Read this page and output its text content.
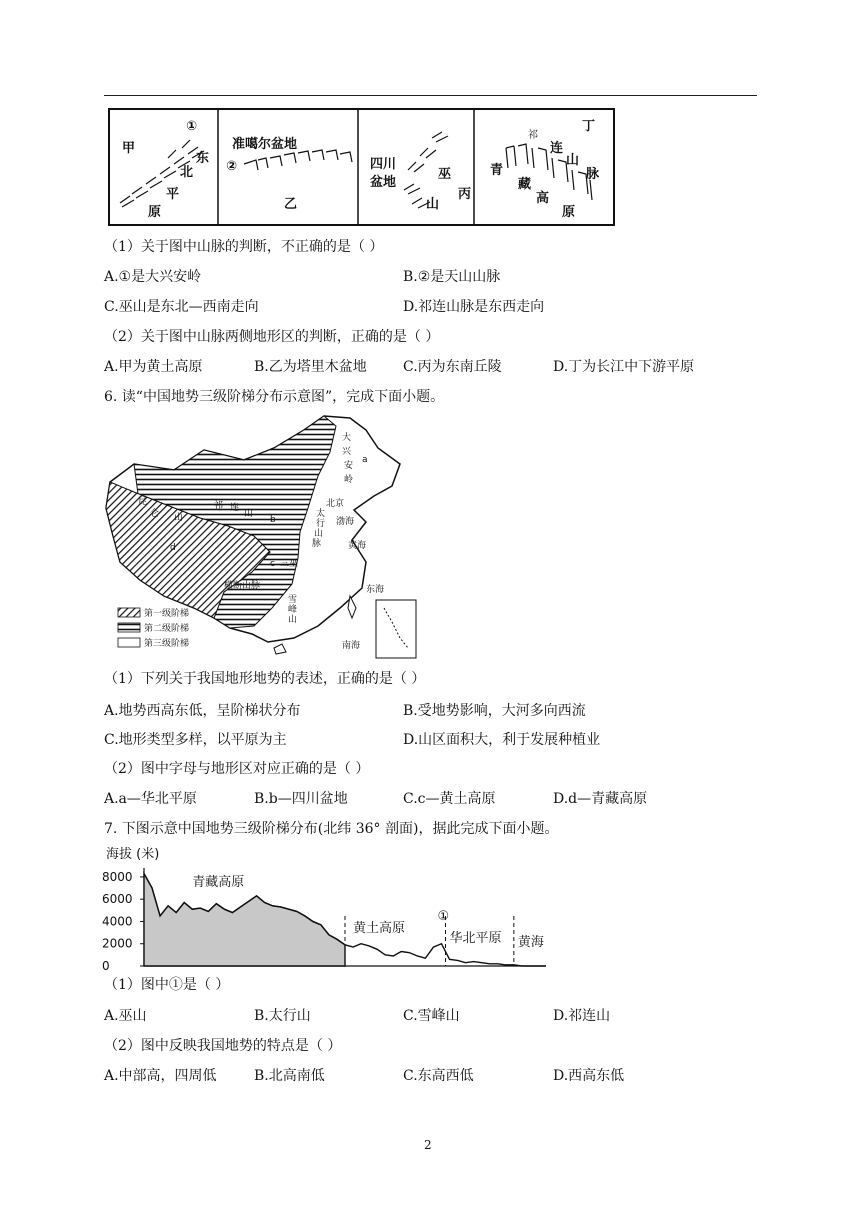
甲
①
东
北
平
原
准噶尔盆地
②
乙
四川
盆地
巫
山
丙
丁
祁
连
山
脉
青
藏
高
原
（1）关于图中山脉的判断，不正确的是（ ）
A.①是大兴安岭	B.②是天山山脉
C.巫山是东北—西南走向	D.祁连山脉是东西走向
（2）关于图中山脉两侧地形区的判断，正确的是（ ）
A.甲为黄土高原	B.乙为塔里木盆地	C.丙为东南丘陵	D.丁为长江中下游平原
6. 读“中国地势三级阶梯分布示意图”，完成下面小题。
大
兴
安
岭
a
北京
太
行
山
脉
渤海
黄海
东海
南海
昆
仑 山
祁 连
山
b
c
d
三巫
横断山脉
雪
峰
山
第一级阶梯
第二级阶梯
第三级阶梯
（1）下列关于我国地形地势的表述，正确的是（ ）
A.地势西高东低，呈阶梯状分布	B.受地势影响，大河多向西流
C.地形类型多样，以平原为主	D.山区面积大，利于发展种植业
（2）图中字母与地形区对应正确的是（ ）
A.a—华北平原	B.b—四川盆地	C.c—黄土高原	D.d—青藏高原
7. 下图示意中国地势三级阶梯分布(北纬 36° 剖面)，据此完成下面小题。
海拔 (米)
0
2000
4000
6000
8000	青藏高原
黄土高原
①
华北平原 黄海
（1）图中①是（ ）
A.巫山	B.太行山	C.雪峰山	D.祁连山
（2）图中反映我国地势的特点是（ ）
A.中部高，四周低	B.北高南低	C.东高西低	D.西高东低
2
